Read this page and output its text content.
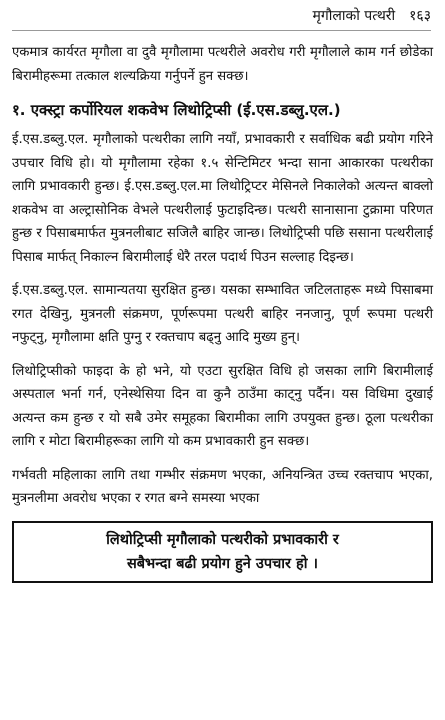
मृगौलाको पत्थरी १६३

एकमात्र कार्यरत मृगौला वा दुवै मृगौलामा पत्थरीले अवरोध गरी मृगौलाले काम गर्न छोडेका बिरामीहरूमा तत्काल शल्यक्रिया गर्नुपर्ने हुन सक्छ।

१. एक्स्ट्रा कर्पोरियल शकवेभ लिथोट्रिप्सी (ई.एस.डब्लु.एल.)

ई.एस.डब्लु.एल. मृगौलाको पत्थरीका लागि नयाँ, प्रभावकारी र सर्वाधिक बढी प्रयोग गरिने उपचार विधि हो। यो मृगौलामा रहेका १.५ सेन्टिमिटर भन्दा साना आकारका पत्थरीका लागि प्रभावकारी हुन्छ। ई.एस.डब्लु.एल.मा लिथोट्रिप्टर मेसिनले निकालेको अत्यन्त बाक्लो शकवेभ वा अल्ट्रासोनिक वेभले पत्थरीलाई फुटाइदिन्छ। पत्थरी सानासाना टुक्रामा परिणत हुन्छ र पिसाबमार्फत मुत्रनलीबाट सजिलै बाहिर जान्छ। लिथोट्रिप्सी पछि ससाना पत्थरीलाई पिसाब मार्फत् निकाल्न बिरामीलाई धेरै तरल पदार्थ पिउन सल्लाह दिइन्छ।

ई.एस.डब्लु.एल. सामान्यतया सुरक्षित हुन्छ। यसका सम्भावित जटिलताहरू मध्ये पिसाबमा रगत देखिनु, मुत्रनली संक्रमण, पूर्णरूपमा पत्थरी बाहिर ननजानु, पूर्ण रूपमा पत्थरी नफुट्नु, मृगौलामा क्षति पुग्नु र रक्तचाप बढ्नु आदि मुख्य हुन्।

लिथोट्रिप्सीको फाइदा के हो भने, यो एउटा सुरक्षित विधि हो जसका लागि बिरामीलाई अस्पताल भर्ना गर्न, एनेस्थेसिया दिन वा कुनै ठाउँमा काट्नु पर्दैन। यस विधिमा दुखाई अत्यन्त कम हुन्छ र यो सबै उमेर समूहका बिरामीका लागि उपयुक्त हुन्छ। ठूला पत्थरीका लागि र मोटा बिरामीहरूका लागि यो कम प्रभावकारी हुन सक्छ।

गर्भवती महिलाका लागि तथा गम्भीर संक्रमण भएका, अनियन्त्रित उच्च रक्तचाप भएका, मुत्रनलीमा अवरोध भएका र रगत बग्ने समस्या भएका

लिथोट्रिप्सी मृगौलाको पत्थरीको प्रभावकारी र
सबैभन्दा बढी प्रयोग हुने उपचार हो ।
